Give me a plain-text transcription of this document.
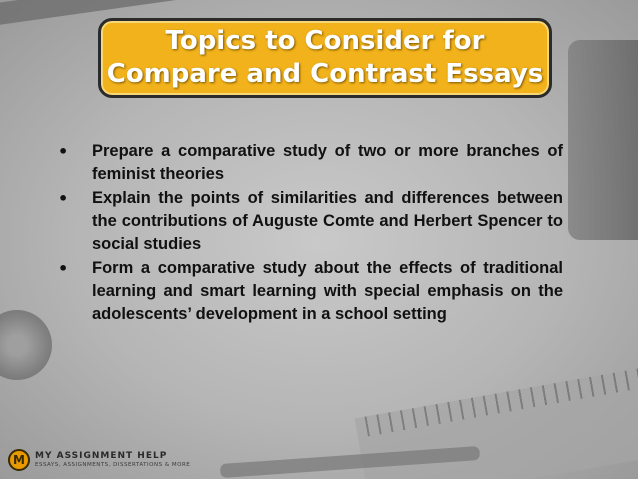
Topics to Consider for
Compare and Contrast Essays
• Prepare a comparative study of two or more branches of feminist theories
• Explain the points of similarities and differences between the contributions of Auguste Comte and Herbert Spencer to social studies
• Form a comparative study about the effects of traditional learning and smart learning with special emphasis on the adolescents’ development in a school setting
M	MY ASSIGNMENT HELP
ESSAYS, ASSIGNMENTS, DISSERTATIONS & MORE
